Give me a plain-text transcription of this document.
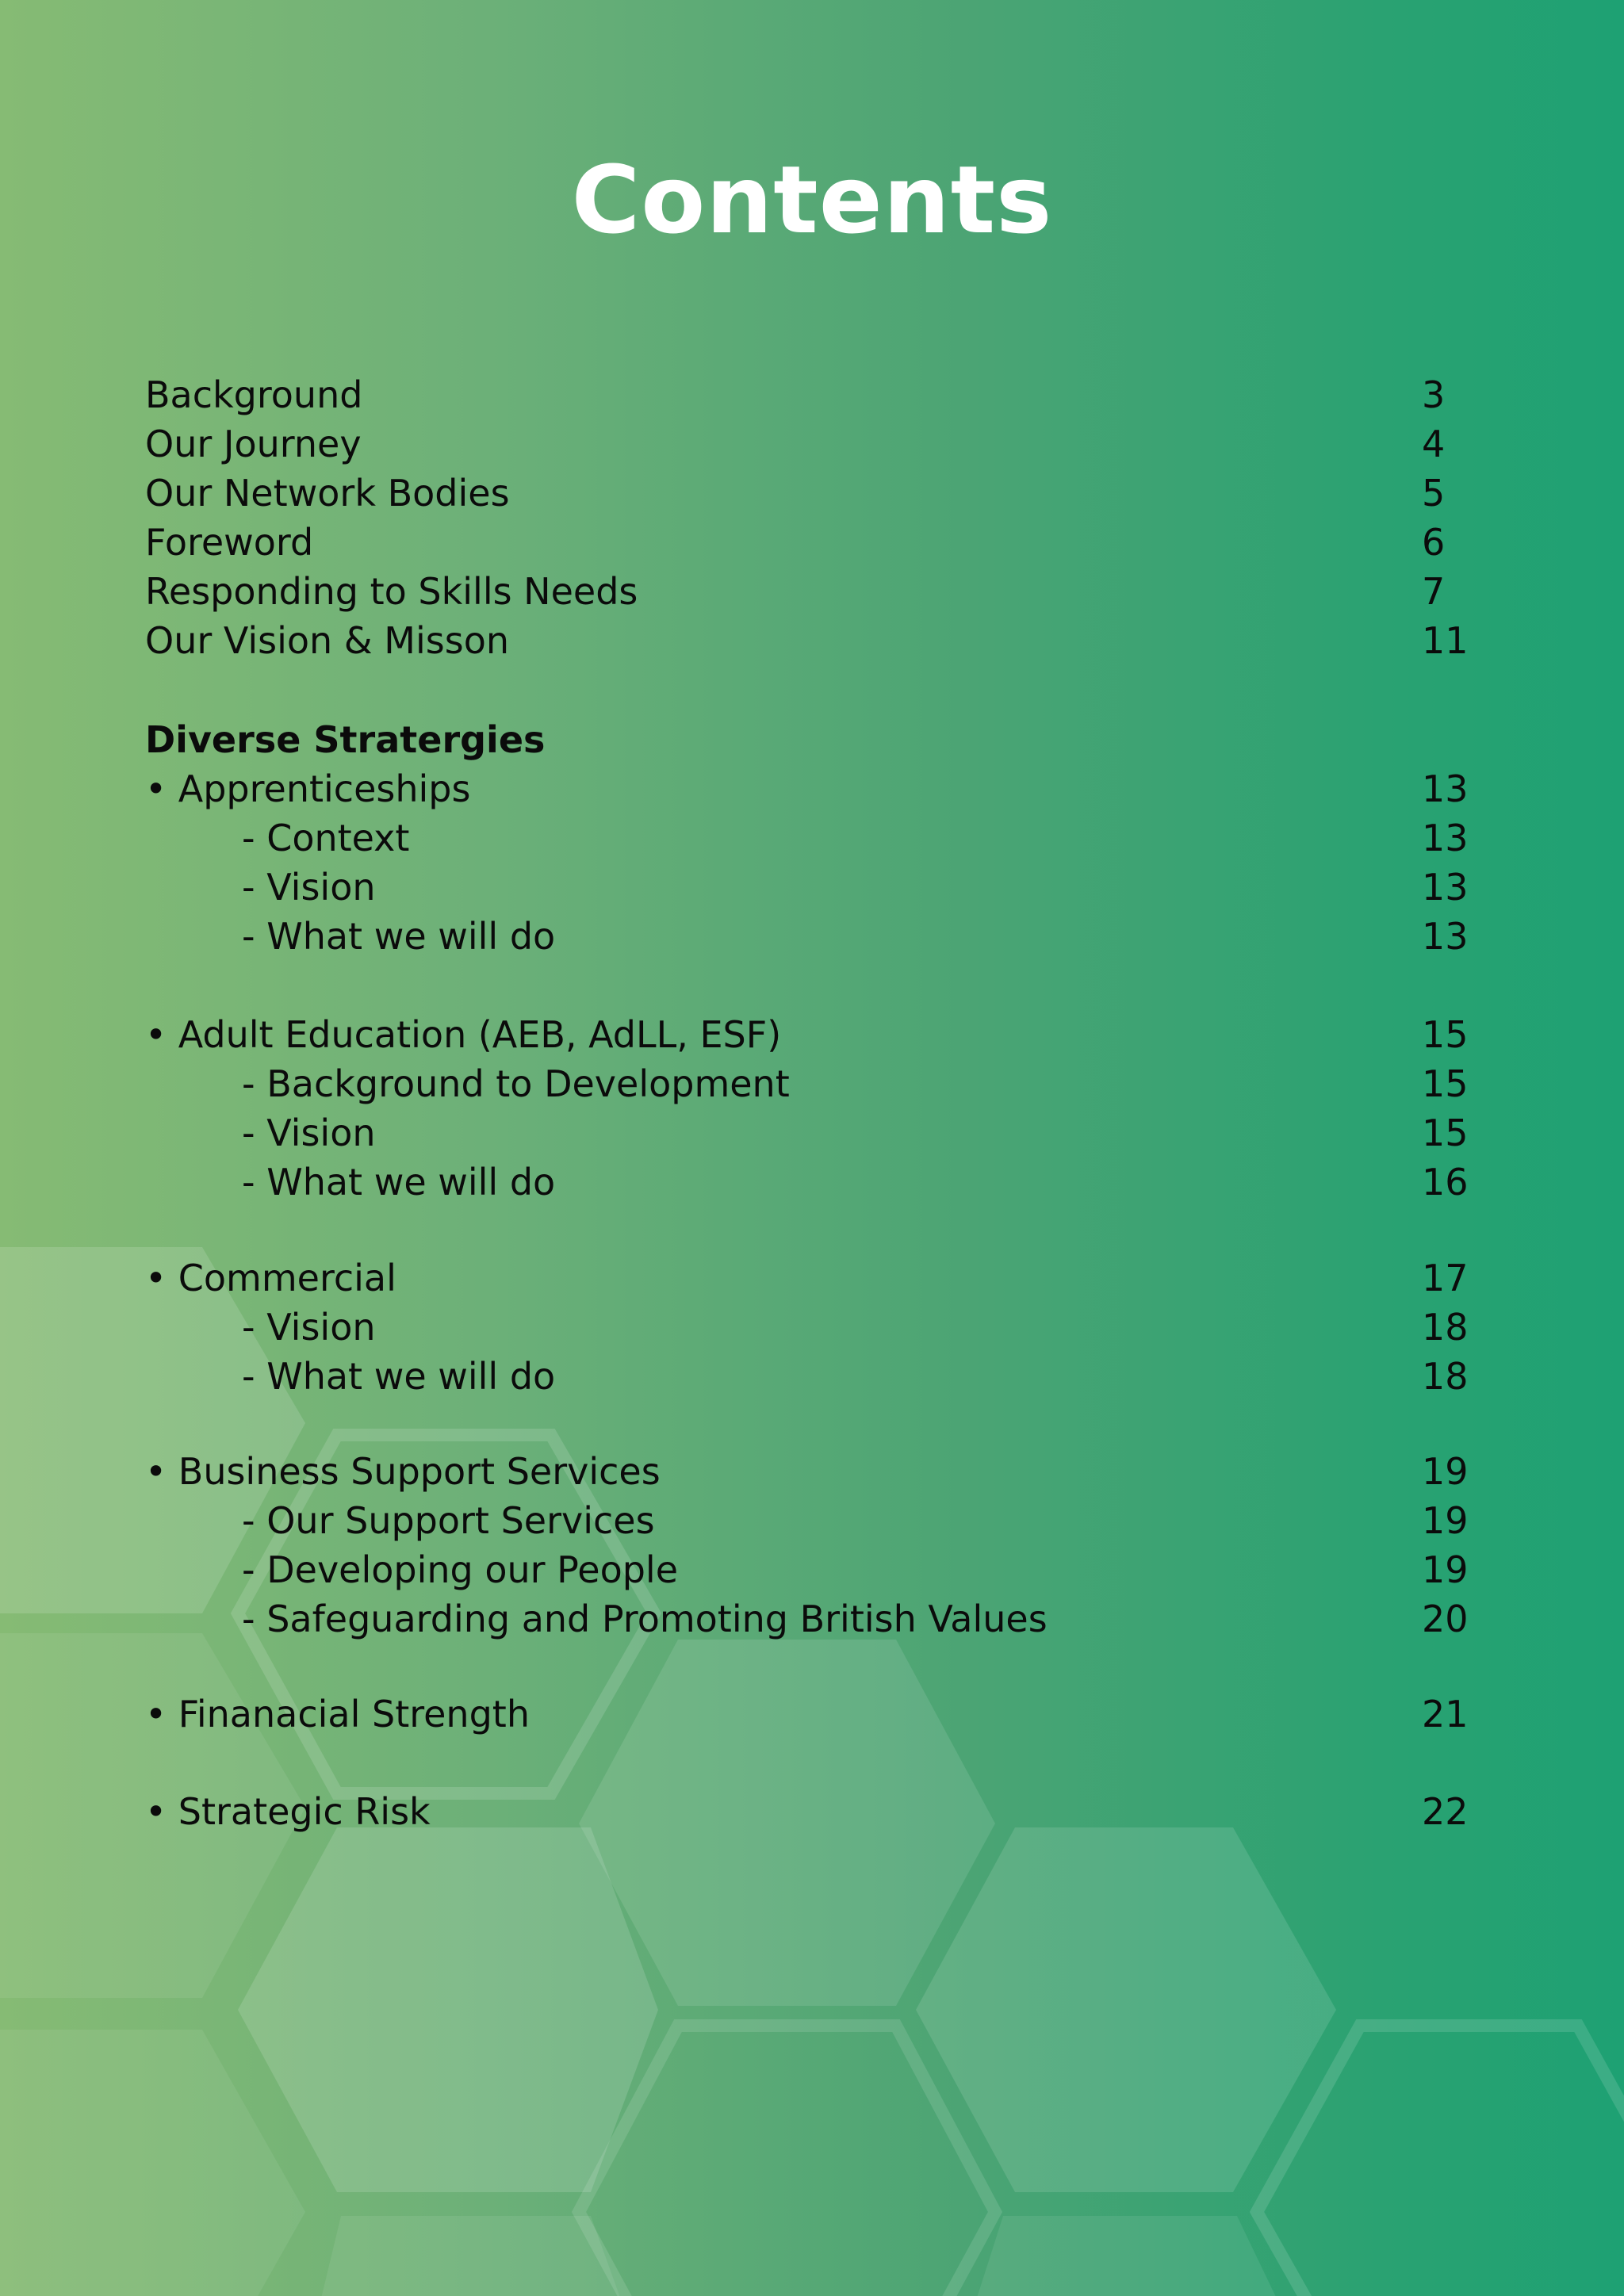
Contents
Background	3
Our Journey	4
Our Network Bodies	5
Foreword	6
Responding to Skills Needs	7
Our Vision & Misson	11
Diverse Stratergies
• Apprenticeships	13
- Context	13
- Vision	13
- What we will do	13
• Adult Education (AEB, AdLL, ESF)	15
- Background to Development	15
- Vision	15
- What we will do	16
• Commercial	17
- Vision	18
- What we will do	18
• Business Support Services	19
- Our Support Services	19
- Developing our People	19
- Safeguarding and Promoting British Values	20
• Finanacial Strength	21
• Strategic Risk	22
